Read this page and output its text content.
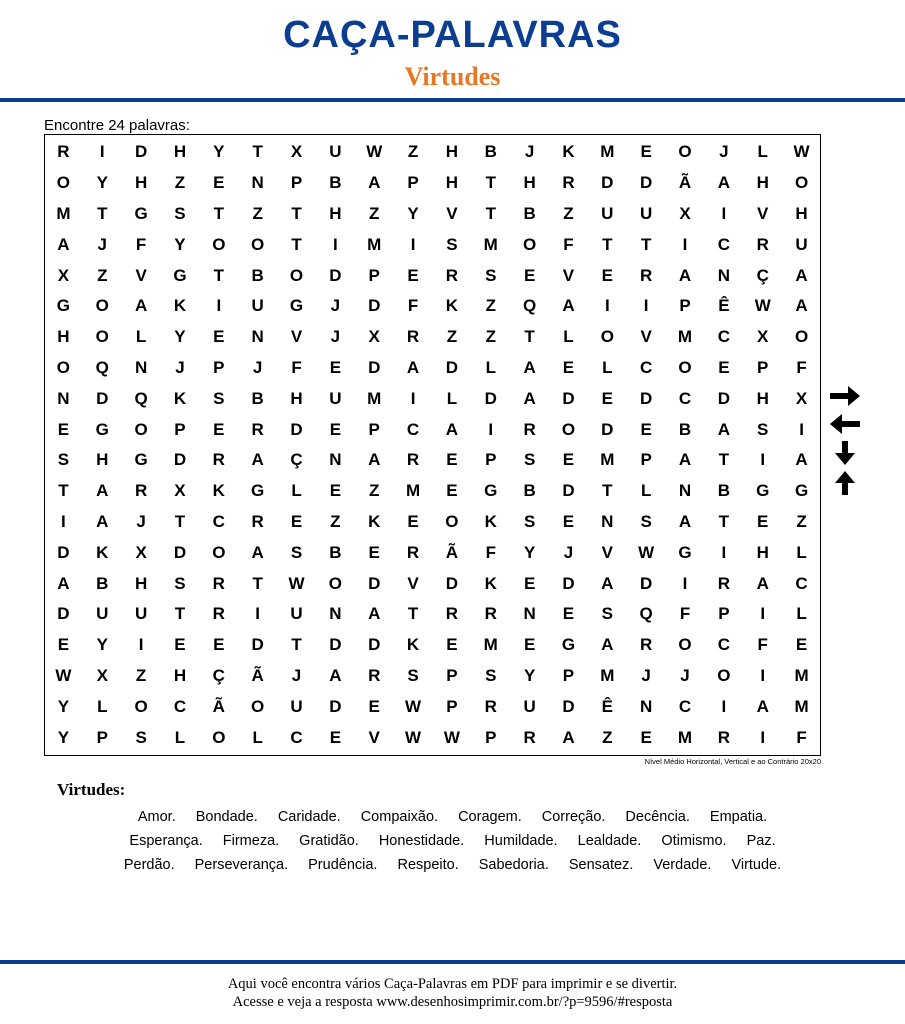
CAÇA-PALAVRAS
Virtudes
Encontre 24 palavras:
R	I	D	H	Y	T	X	U	W	Z	H	B	J	K	M	E	O	J	L	W
O	Y	H	Z	E	N	P	B	A	P	H	T	H	R	D	D	Ã	A	H	O
M	T	G	S	T	Z	T	H	Z	Y	V	T	B	Z	U	U	X	I	V	H
A	J	F	Y	O	O	T	I	M	I	S	M	O	F	T	T	I	C	R	U
X	Z	V	G	T	B	O	D	P	E	R	S	E	V	E	R	A	N	Ç	A
G	O	A	K	I	U	G	J	D	F	K	Z	Q	A	I	I	P	Ê	W	A
H	O	L	Y	E	N	V	J	X	R	Z	Z	T	L	O	V	M	C	X	O
O	Q	N	J	P	J	F	E	D	A	D	L	A	E	L	C	O	E	P	F
N	D	Q	K	S	B	H	U	M	I	L	D	A	D	E	D	C	D	H	X
E	G	O	P	E	R	D	E	P	C	A	I	R	O	D	E	B	A	S	I
S	H	G	D	R	A	Ç	N	A	R	E	P	S	E	M	P	A	T	I	A
T	A	R	X	K	G	L	E	Z	M	E	G	B	D	T	L	N	B	G	G
I	A	J	T	C	R	E	Z	K	E	O	K	S	E	N	S	A	T	E	Z
D	K	X	D	O	A	S	B	E	R	Ã	F	Y	J	V	W	G	I	H	L
A	B	H	S	R	T	W	O	D	V	D	K	E	D	A	D	I	R	A	C
D	U	U	T	R	I	U	N	A	T	R	R	N	E	S	Q	F	P	I	L
E	Y	I	E	E	D	T	D	D	K	E	M	E	G	A	R	O	C	F	E
W	X	Z	H	Ç	Ã	J	A	R	S	P	S	Y	P	M	J	J	O	I	M
Y	L	O	C	Ã	O	U	D	E	W	P	R	U	D	Ê	N	C	I	A	M
Y	P	S	L	O	L	C	E	V	W	W	P	R	A	Z	E	M	R	I	F
Nível Médio Horizontal, Vertical e ao Contrário 20x20
Virtudes:
Amor. Bondade. Caridade. Compaixão. Coragem. Correção. Decência. Empatia.
Esperança. Firmeza. Gratidão. Honestidade. Humildade. Lealdade. Otimismo. Paz.
Perdão. Perseverança. Prudência. Respeito. Sabedoria. Sensatez. Verdade. Virtude.
Aqui você encontra vários Caça-Palavras em PDF para imprimir e se divertir.
Acesse e veja a resposta www.desenhosimprimir.com.br/?p=9596/#resposta
